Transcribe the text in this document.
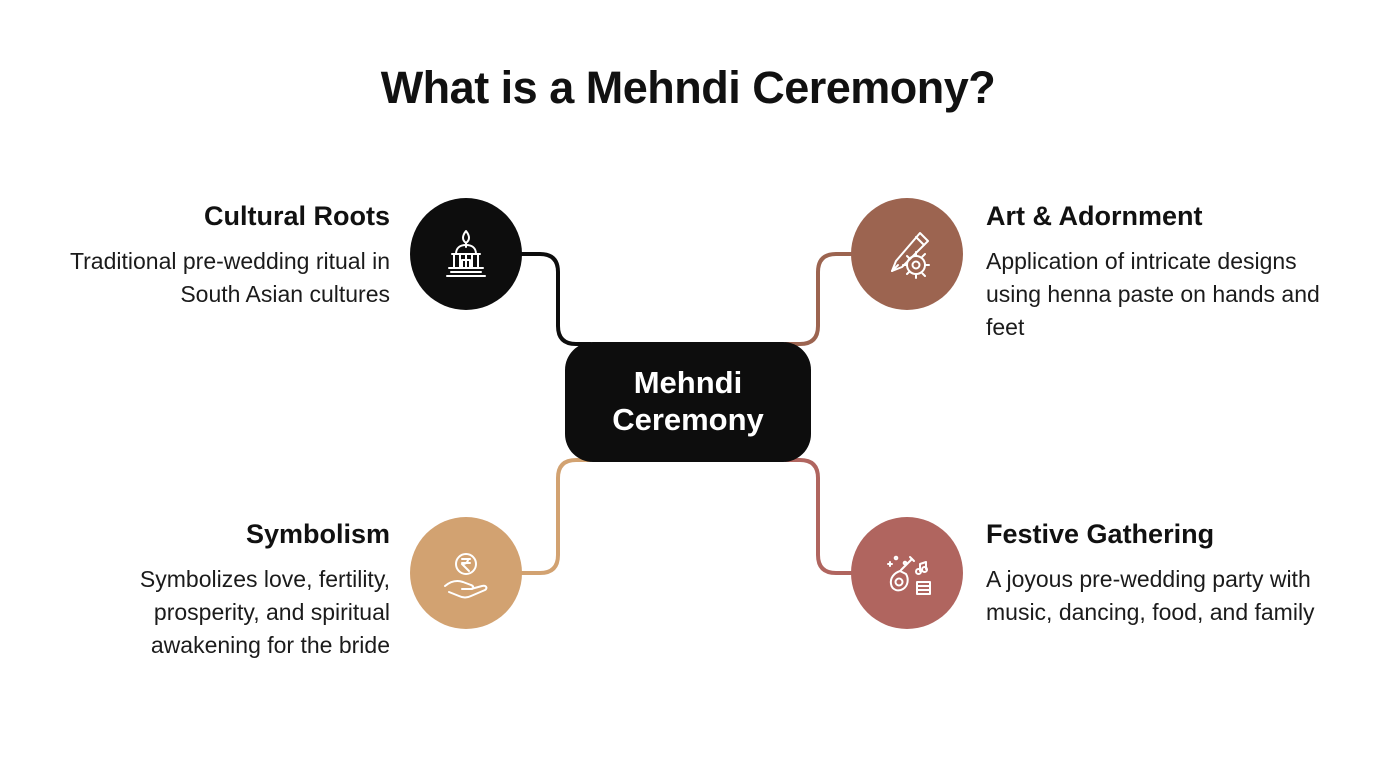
What is a Mehndi Ceremony?
Mehndi
Ceremony
Cultural Roots
Traditional pre-wedding ritual in South Asian cultures
Symbolism
Symbolizes love, fertility, prosperity, and spiritual awakening for the bride
Art & Adornment
Application of intricate designs using henna paste on hands and feet
Festive Gathering
A joyous pre-wedding party with music, dancing, food, and family
